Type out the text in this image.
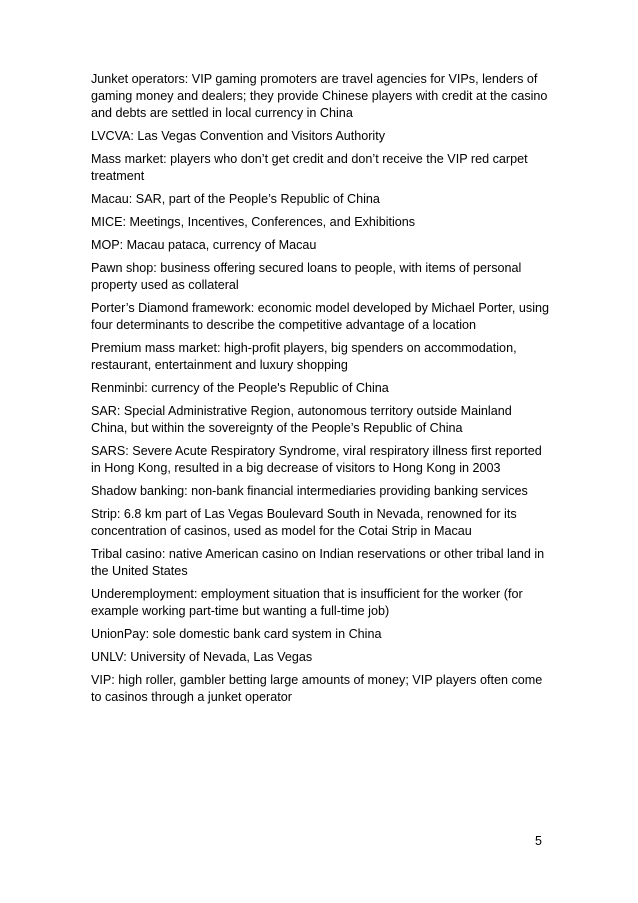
Junket operators: VIP gaming promoters are travel agencies for VIPs, lenders of gaming money and dealers; they provide Chinese players with credit at the casino and debts are settled in local currency in China

LVCVA: Las Vegas Convention and Visitors Authority

Mass market: players who don’t get credit and don’t receive the VIP red carpet treatment

Macau: SAR, part of the People’s Republic of China

MICE: Meetings, Incentives, Conferences, and Exhibitions

MOP: Macau pataca, currency of Macau

Pawn shop: business offering secured loans to people, with items of personal property used as collateral

Porter’s Diamond framework: economic model developed by Michael Porter, using four determinants to describe the competitive advantage of a location

Premium mass market: high-profit players, big spenders on accommodation, restaurant, entertainment and luxury shopping

Renminbi: currency of the People's Republic of China

SAR: Special Administrative Region, autonomous territory outside Mainland China, but within the sovereignty of the People’s Republic of China

SARS: Severe Acute Respiratory Syndrome, viral respiratory illness first reported in Hong Kong, resulted in a big decrease of visitors to Hong Kong in 2003

Shadow banking: non-bank financial intermediaries providing banking services

Strip: 6.8 km part of Las Vegas Boulevard South in Nevada, renowned for its concentration of casinos, used as model for the Cotai Strip in Macau

Tribal casino: native American casino on Indian reservations or other tribal land in the United States

Underemployment: employment situation that is insufficient for the worker (for example working part-time but wanting a full-time job)

UnionPay: sole domestic bank card system in China

UNLV: University of Nevada, Las Vegas

VIP: high roller, gambler betting large amounts of money; VIP players often come to casinos through a junket operator

5
